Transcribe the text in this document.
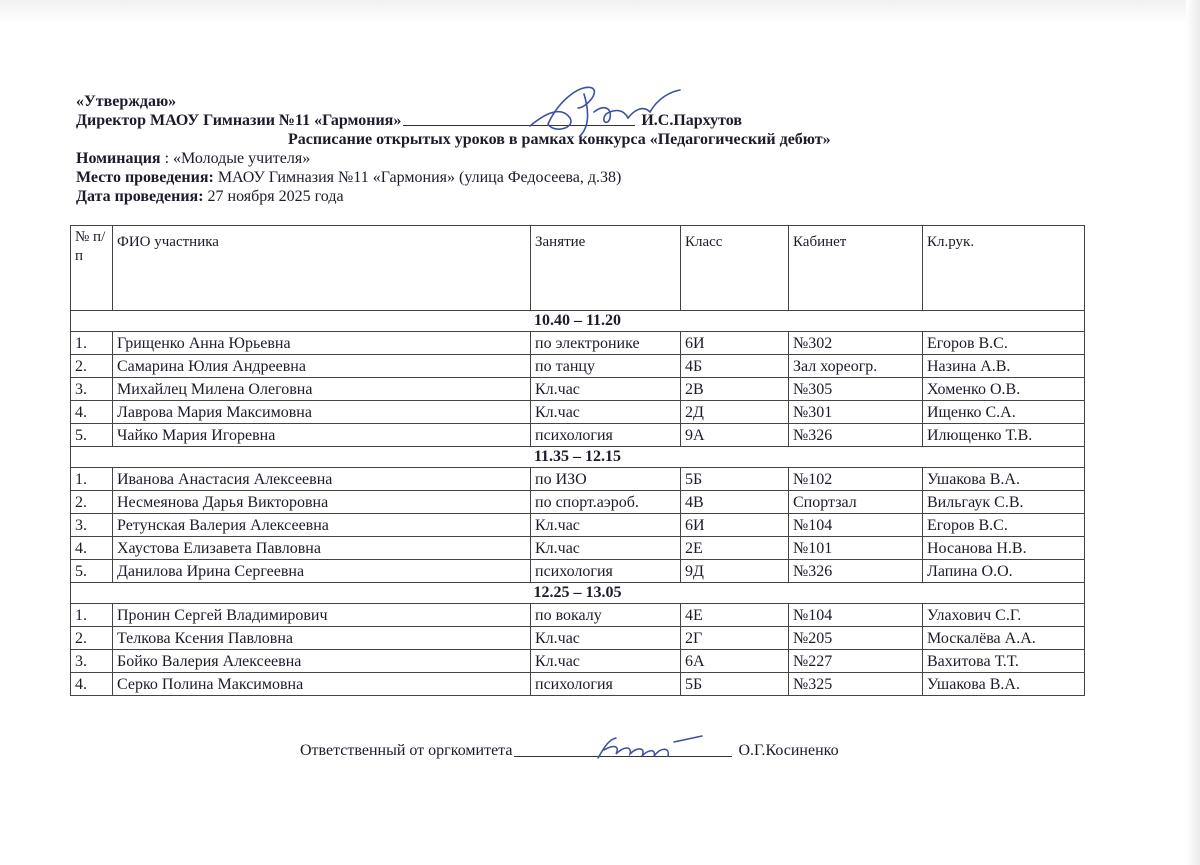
«Утверждаю»
Директор МАОУ Гимназии №11 «Гармония»	И.С.Пархутов
Расписание открытых уроков в рамках конкурса «Педагогический дебют»
Номинация : «Молодые учителя»
Место проведения: МАОУ Гимназия №11 «Гармония» (улица Федосеева, д.38)
Дата проведения: 27 ноября 2025 года
№ п/п	ФИО участника	Занятие	Класс	Кабинет	Кл.рук.
10.40 – 11.20					
1.	Грищенко Анна Юрьевна	по электронике	6И	№302	Егоров В.С.
2.	Самарина Юлия Андреевна	по танцу	4Б	Зал хореогр.	Назина А.В.
3.	Михайлец Милена Олеговна	Кл.час	2В	№305	Хоменко О.В.
4.	Лаврова Мария Максимовна	Кл.час	2Д	№301	Ищенко С.А.
5.	Чайко Мария Игоревна	психология	9А	№326	Илющенко Т.В.
11.35 – 12.15					
1.	Иванова Анастасия Алексеевна	по ИЗО	5Б	№102	Ушакова В.А.
2.	Несмеянова Дарья Викторовна	по спорт.аэроб.	4В	Спортзал	Вильгаук С.В.
3.	Ретунская Валерия Алексеевна	Кл.час	6И	№104	Егоров В.С.
4.	Хаустова Елизавета Павловна	Кл.час	2Е	№101	Носанова Н.В.
5.	Данилова Ирина Сергеевна	психология	9Д	№326	Лапина О.О.
12.25 – 13.05					
1.	Пронин Сергей Владимирович	по вокалу	4Е	№104	Улахович С.Г.
2.	Телкова Ксения Павловна	Кл.час	2Г	№205	Москалёва А.А.
3.	Бойко Валерия Алексеевна	Кл.час	6А	№227	Вахитова Т.Т.
4.	Серко Полина Максимовна	психология	5Б	№325	Ушакова В.А.
Ответственный от оргкомитета	О.Г.Косиненко
